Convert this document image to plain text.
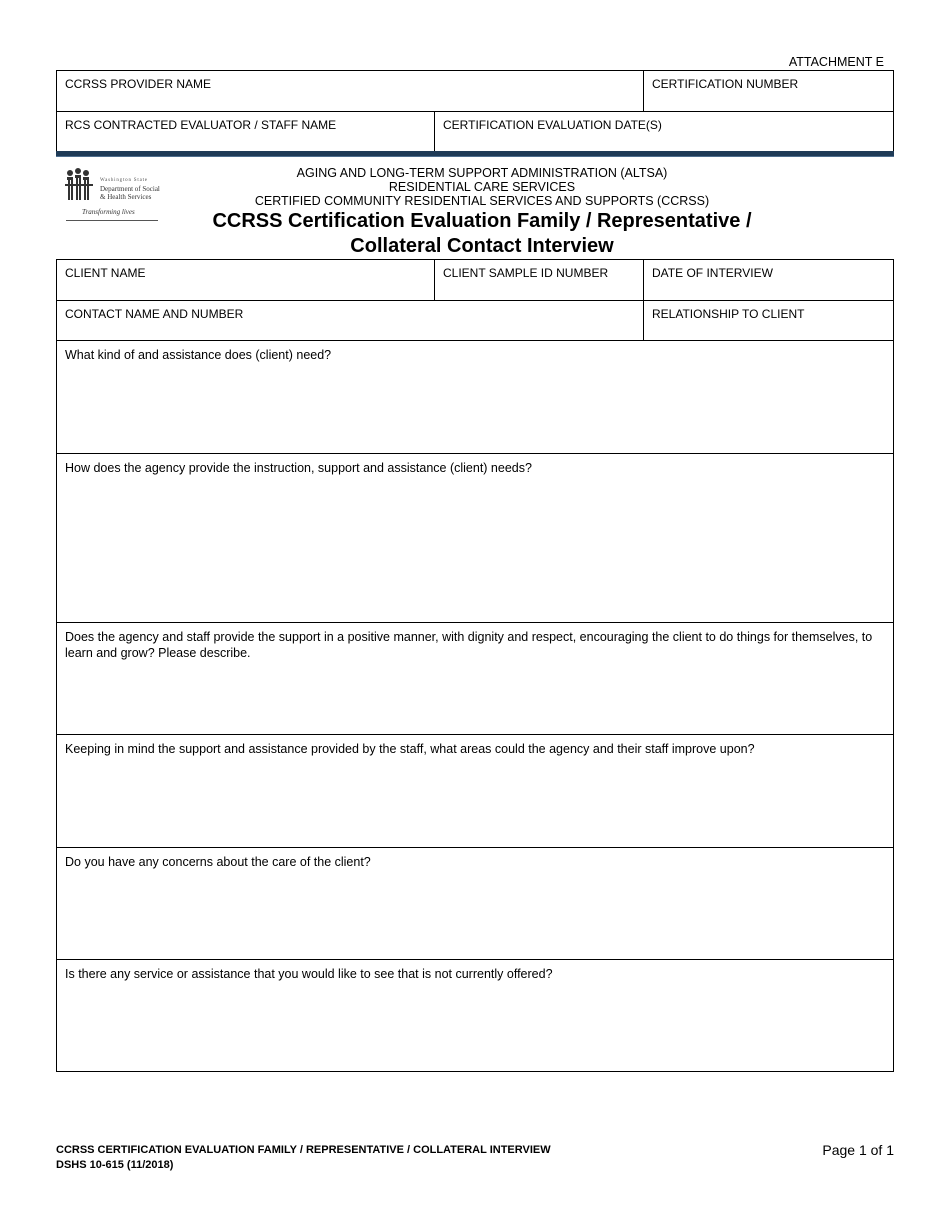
ATTACHMENT E
CCRSS PROVIDER NAME	CERTIFICATION NUMBER
RCS CONTRACTED EVALUATOR / STAFF NAME	CERTIFICATION EVALUATION DATE(S)
Washington State
Department of Social
& Health Services
Transforming lives
AGING AND LONG-TERM SUPPORT ADMINISTRATION (ALTSA)
RESIDENTIAL CARE SERVICES
CERTIFIED COMMUNITY RESIDENTIAL SERVICES AND SUPPORTS (CCRSS)
CCRSS Certification Evaluation Family / Representative /
Collateral Contact Interview
CLIENT NAME	CLIENT SAMPLE ID NUMBER	DATE OF INTERVIEW
CONTACT NAME AND NUMBER	RELATIONSHIP TO CLIENT
What kind of and assistance does (client) need?
How does the agency provide the instruction, support and assistance (client) needs?
Does the agency and staff provide the support in a positive manner, with dignity and respect, encouraging the client to do things for themselves, to learn and grow? Please describe.
Keeping in mind the support and assistance provided by the staff, what areas could the agency and their staff improve upon?
Do you have any concerns about the care of the client?
Is there any service or assistance that you would like to see that is not currently offered?
CCRSS CERTIFICATION EVALUATION FAMILY / REPRESENTATIVE / COLLATERAL INTERVIEW
DSHS 10-615 (11/2018)
Page 1 of 1
